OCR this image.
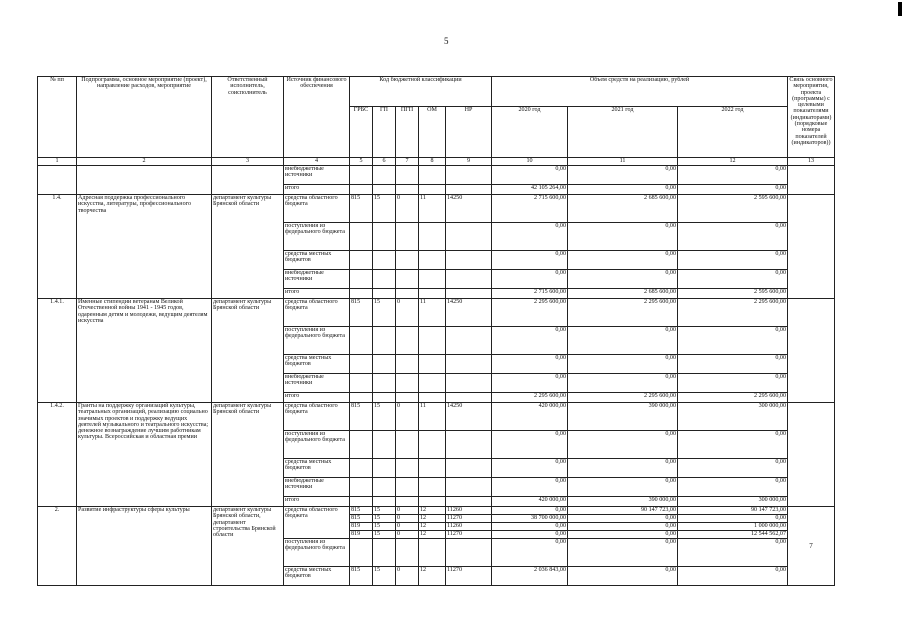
5
№ пп	Подпрограмма, основное мероприятие (проект), направление расходов, мероприятие	Ответственный исполнитель, соисполнитель	Источник финансового обеспечения	Код бюджетной классификации					Объем средств на реализацию, рублей			Связь основного мероприятия, проекта (программы) с целевыми показателями (индикаторами) (порядковые номера показателей (индикаторов))
				ГРБС	ГП	ПГП	ОМ	НР	2020 год	2021 год	2022 год	
1	2	3	4	5	6	7	8	9	10	11	12	13
			внебюджетные источники						0,00	0,00	0,00	
			итого						42 105 264,00	0,00	0,00	
1.4.	Адресная поддержка профессионального искусства, литературы, профессионального творчества	департамент культуры Брянской области	средства областного бюджета	815	15	0	11	14250	2 715 600,00	2 685 600,00	2 595 600,00	
			поступления из федерального бюджета						0,00	0,00	0,00	
			средства местных бюджетов						0,00	0,00	0,00	
			внебюджетные источники						0,00	0,00	0,00	
			итого						2 715 600,00	2 685 600,00	2 595 600,00	
1.4.1.	Именные стипендии ветеранам Великой Отечественной войны 1941 - 1945 годов, одаренным детям и молодежи, ведущим деятелям искусства	департамент культуры Брянской области	средства областного бюджета	815	15	0	11	14250	2 295 600,00	2 295 600,00	2 295 600,00	
			поступления из федерального бюджета						0,00	0,00	0,00	
			средства местных бюджетов						0,00	0,00	0,00	
			внебюджетные источники						0,00	0,00	0,00	
			итого						2 295 600,00	2 295 600,00	2 295 600,00	
1.4.2.	Гранты на поддержку организаций культуры, театральных организаций, реализацию социально значимых проектов и поддержку ведущих деятелей музыкального и театрального искусства; денежное вознаграждение лучшим работникам культуры. Всероссийская и областная премии	департамент культуры Брянской области	средства областного бюджета	815	15	0	11	14250	420 000,00	390 000,00	300 000,00	
			поступления из федерального бюджета						0,00	0,00	0,00	
			средства местных бюджетов						0,00	0,00	0,00	
			внебюджетные источники						0,00	0,00	0,00	
			итого						420 000,00	390 000,00	300 000,00	
2.	Развитие инфраструктуры сферы культуры	департамент культуры Брянской области, департамент строительства Брянской области	средства областного бюджета	815	15	0	12	11260	0,00	90 147 723,00	90 147 723,00	7
				815	15	0	12	11270	38 700 000,00	0,00	0,00	
				819	15	0	12	11260	0,00	0,00	1 000 000,00	
				819	15	0	12	11270	0,00	0,00	12 544 562,07	
			поступления из федерального бюджета						0,00	0,00	0,00	
			средства местных бюджетов	815	15	0	12	11270	2 036 843,00	0,00	0,00	
